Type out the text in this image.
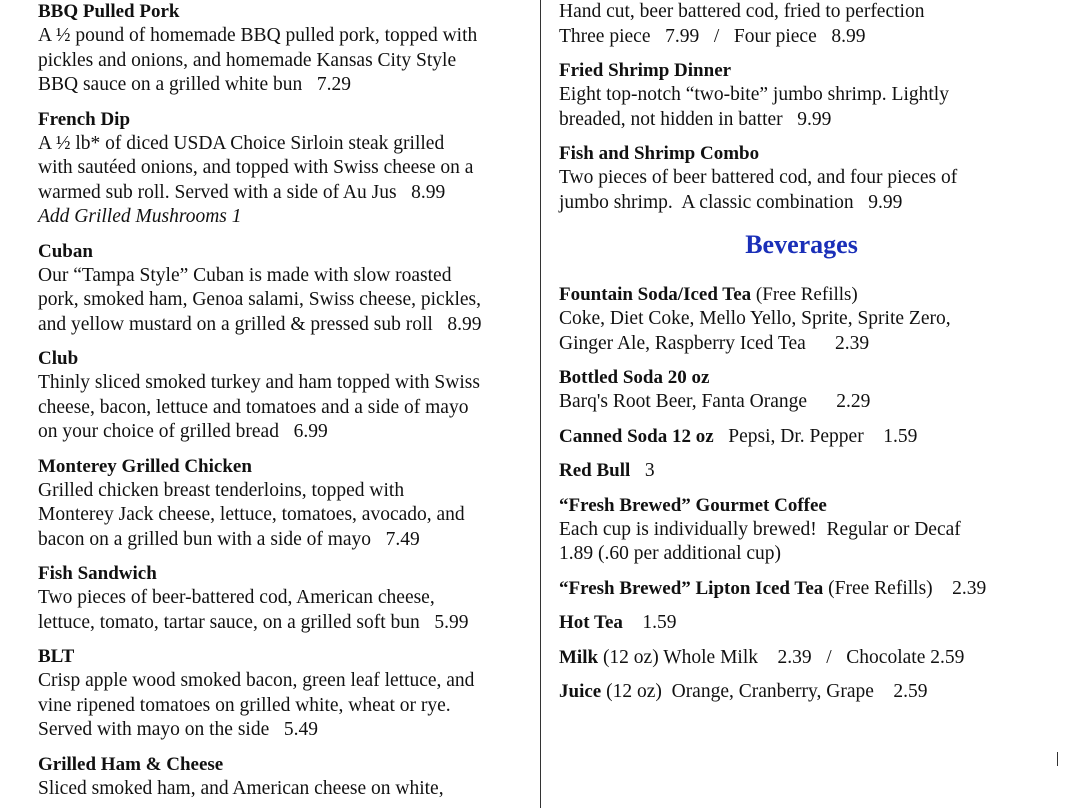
BBQ Pulled Pork
A ½ pound of homemade BBQ pulled pork, topped with
pickles and onions, and homemade Kansas City Style
BBQ sauce on a grilled white bun   7.29
French Dip
A ½ lb* of diced USDA Choice Sirloin steak grilled
with sautéed onions, and topped with Swiss cheese on a
warmed sub roll. Served with a side of Au Jus   8.99
Add Grilled Mushrooms 1
Cuban
Our “Tampa Style” Cuban is made with slow roasted
pork, smoked ham, Genoa salami, Swiss cheese, pickles,
and yellow mustard on a grilled & pressed sub roll   8.99
Club
Thinly sliced smoked turkey and ham topped with Swiss
cheese, bacon, lettuce and tomatoes and a side of mayo
on your choice of grilled bread   6.99
Monterey Grilled Chicken
Grilled chicken breast tenderloins, topped with
Monterey Jack cheese, lettuce, tomatoes, avocado, and
bacon on a grilled bun with a side of mayo   7.49
Fish Sandwich
Two pieces of beer-battered cod, American cheese,
lettuce, tomato, tartar sauce, on a grilled soft bun   5.99
BLT
Crisp apple wood smoked bacon, green leaf lettuce, and
vine ripened tomatoes on grilled white, wheat or rye.
Served with mayo on the side   5.49
Grilled Ham & Cheese
Sliced smoked ham, and American cheese on white,
Hand cut, beer battered cod, fried to perfection
Three piece   7.99   /   Four piece   8.99
Fried Shrimp Dinner
Eight top-notch “two-bite” jumbo shrimp. Lightly
breaded, not hidden in batter   9.99
Fish and Shrimp Combo
Two pieces of beer battered cod, and four pieces of
jumbo shrimp.  A classic combination   9.99
Beverages
Fountain Soda/Iced Tea (Free Refills)
Coke, Diet Coke, Mello Yello, Sprite, Sprite Zero,
Ginger Ale, Raspberry Iced Tea      2.39
Bottled Soda 20 oz
Barq's Root Beer, Fanta Orange      2.29
Canned Soda 12 oz   Pepsi, Dr. Pepper    1.59
Red Bull   3
“Fresh Brewed” Gourmet Coffee
Each cup is individually brewed!  Regular or Decaf
1.89 (.60 per additional cup)
“Fresh Brewed” Lipton Iced Tea (Free Refills)    2.39
Hot Tea    1.59
Milk (12 oz) Whole Milk    2.39   /   Chocolate 2.59
Juice (12 oz)  Orange, Cranberry, Grape    2.59
